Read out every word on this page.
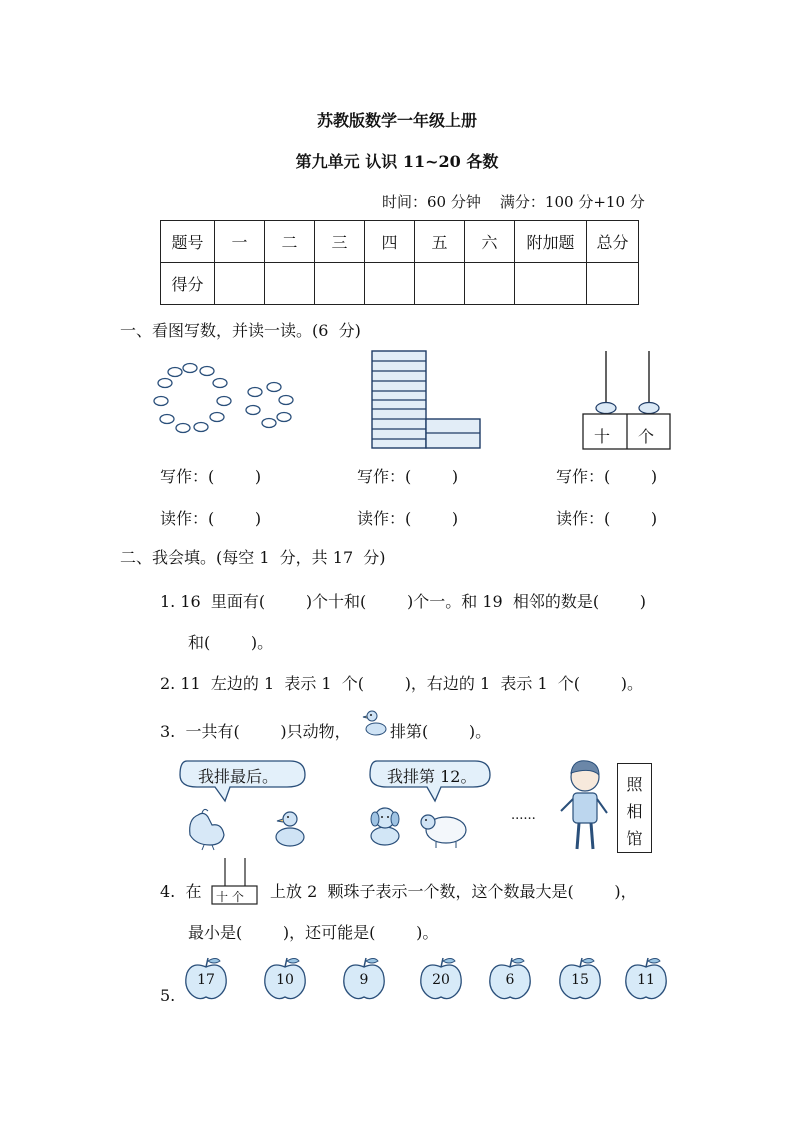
苏教版数学一年级上册
第九单元 认识 11~20 各数
时间：60 分钟    满分：100 分+10 分
题号	一	二	三	四	五	六	附加题	总分
得分								
一、看图写数，并读一读。(6  分)
十 个
写作：(        )	写作：(        )	写作：(        )
读作：(        )	读作：(        )	读作：(        )
二、我会填。(每空 1  分，共 17  分)
1. 16  里面有(        )个十和(        )个一。和 19  相邻的数是(        )
和(        )。
2. 11  左边的 1  表示 1  个(        )，右边的 1  表示 1  个(        )。
3.  一共有(        )只动物， 排第(        )。
我排最后。	我排第 12。
......
照
相
馆
4.  在 十 个 上放 2  颗珠子表示一个数，这个数最大是(        )，
最小是(        )，还可能是(        )。
5.
17	10	9	20	6	15	11
